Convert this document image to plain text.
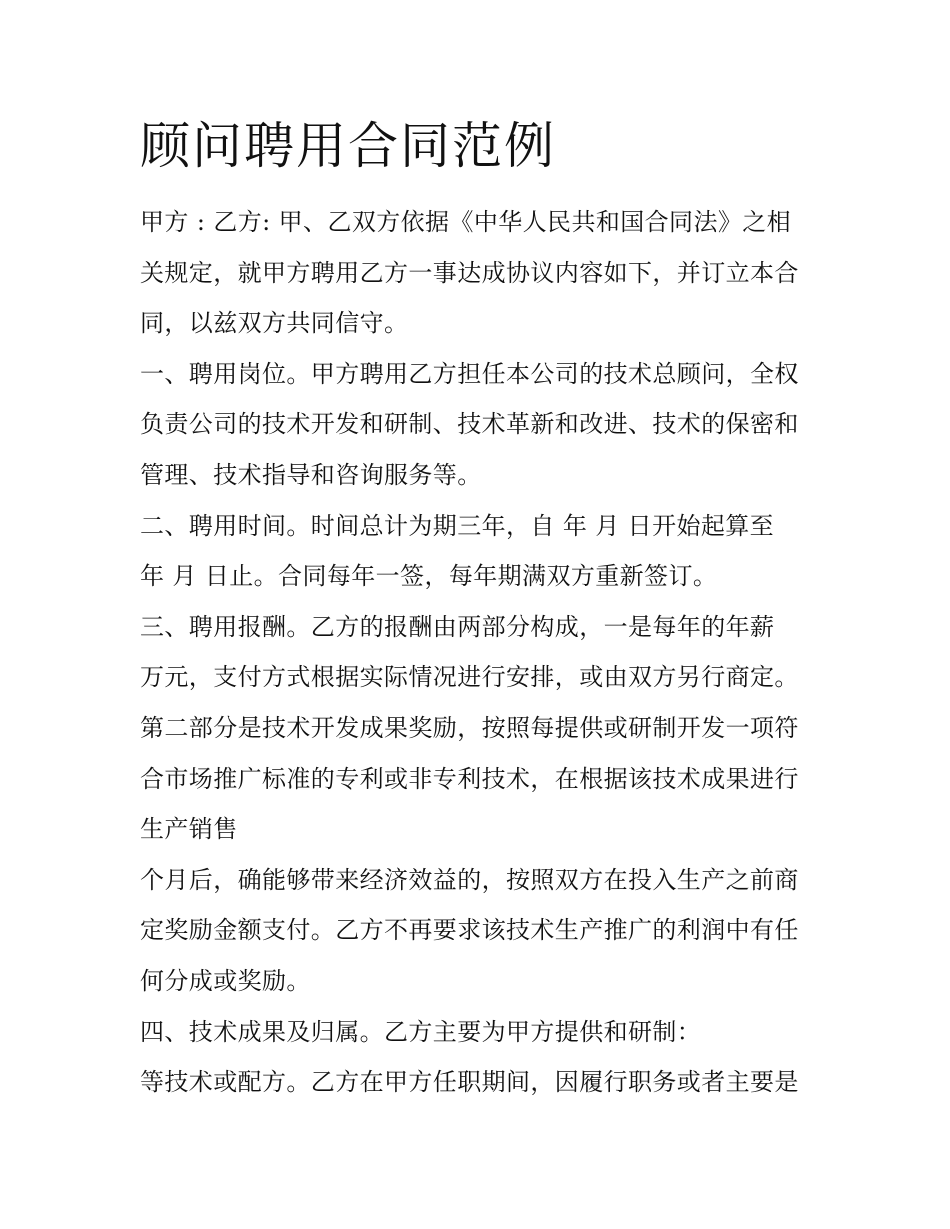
顾问聘用合同范例
甲方 : 乙方: 甲、乙双方依据《中华人民共和国合同法》之相
关规定，就甲方聘用乙方一事达成协议内容如下，并订立本合
同，以兹双方共同信守。
一、聘用岗位。甲方聘用乙方担任本公司的技术总顾问，全权
负责公司的技术开发和研制、技术革新和改进、技术的保密和
管理、技术指导和咨询服务等。
二、聘用时间。时间总计为期三年，自 年 月 日开始起算至
年 月 日止。合同每年一签，每年期满双方重新签订。
三、聘用报酬。乙方的报酬由两部分构成，一是每年的年薪
万元，支付方式根据实际情况进行安排，或由双方另行商定。
第二部分是技术开发成果奖励，按照每提供或研制开发一项符
合市场推广标准的专利或非专利技术，在根据该技术成果进行
生产销售
个月后，确能够带来经济效益的，按照双方在投入生产之前商
定奖励金额支付。乙方不再要求该技术生产推广的利润中有任
何分成或奖励。
四、技术成果及归属。乙方主要为甲方提供和研制：
等技术或配方。乙方在甲方任职期间，因履行职务或者主要是
